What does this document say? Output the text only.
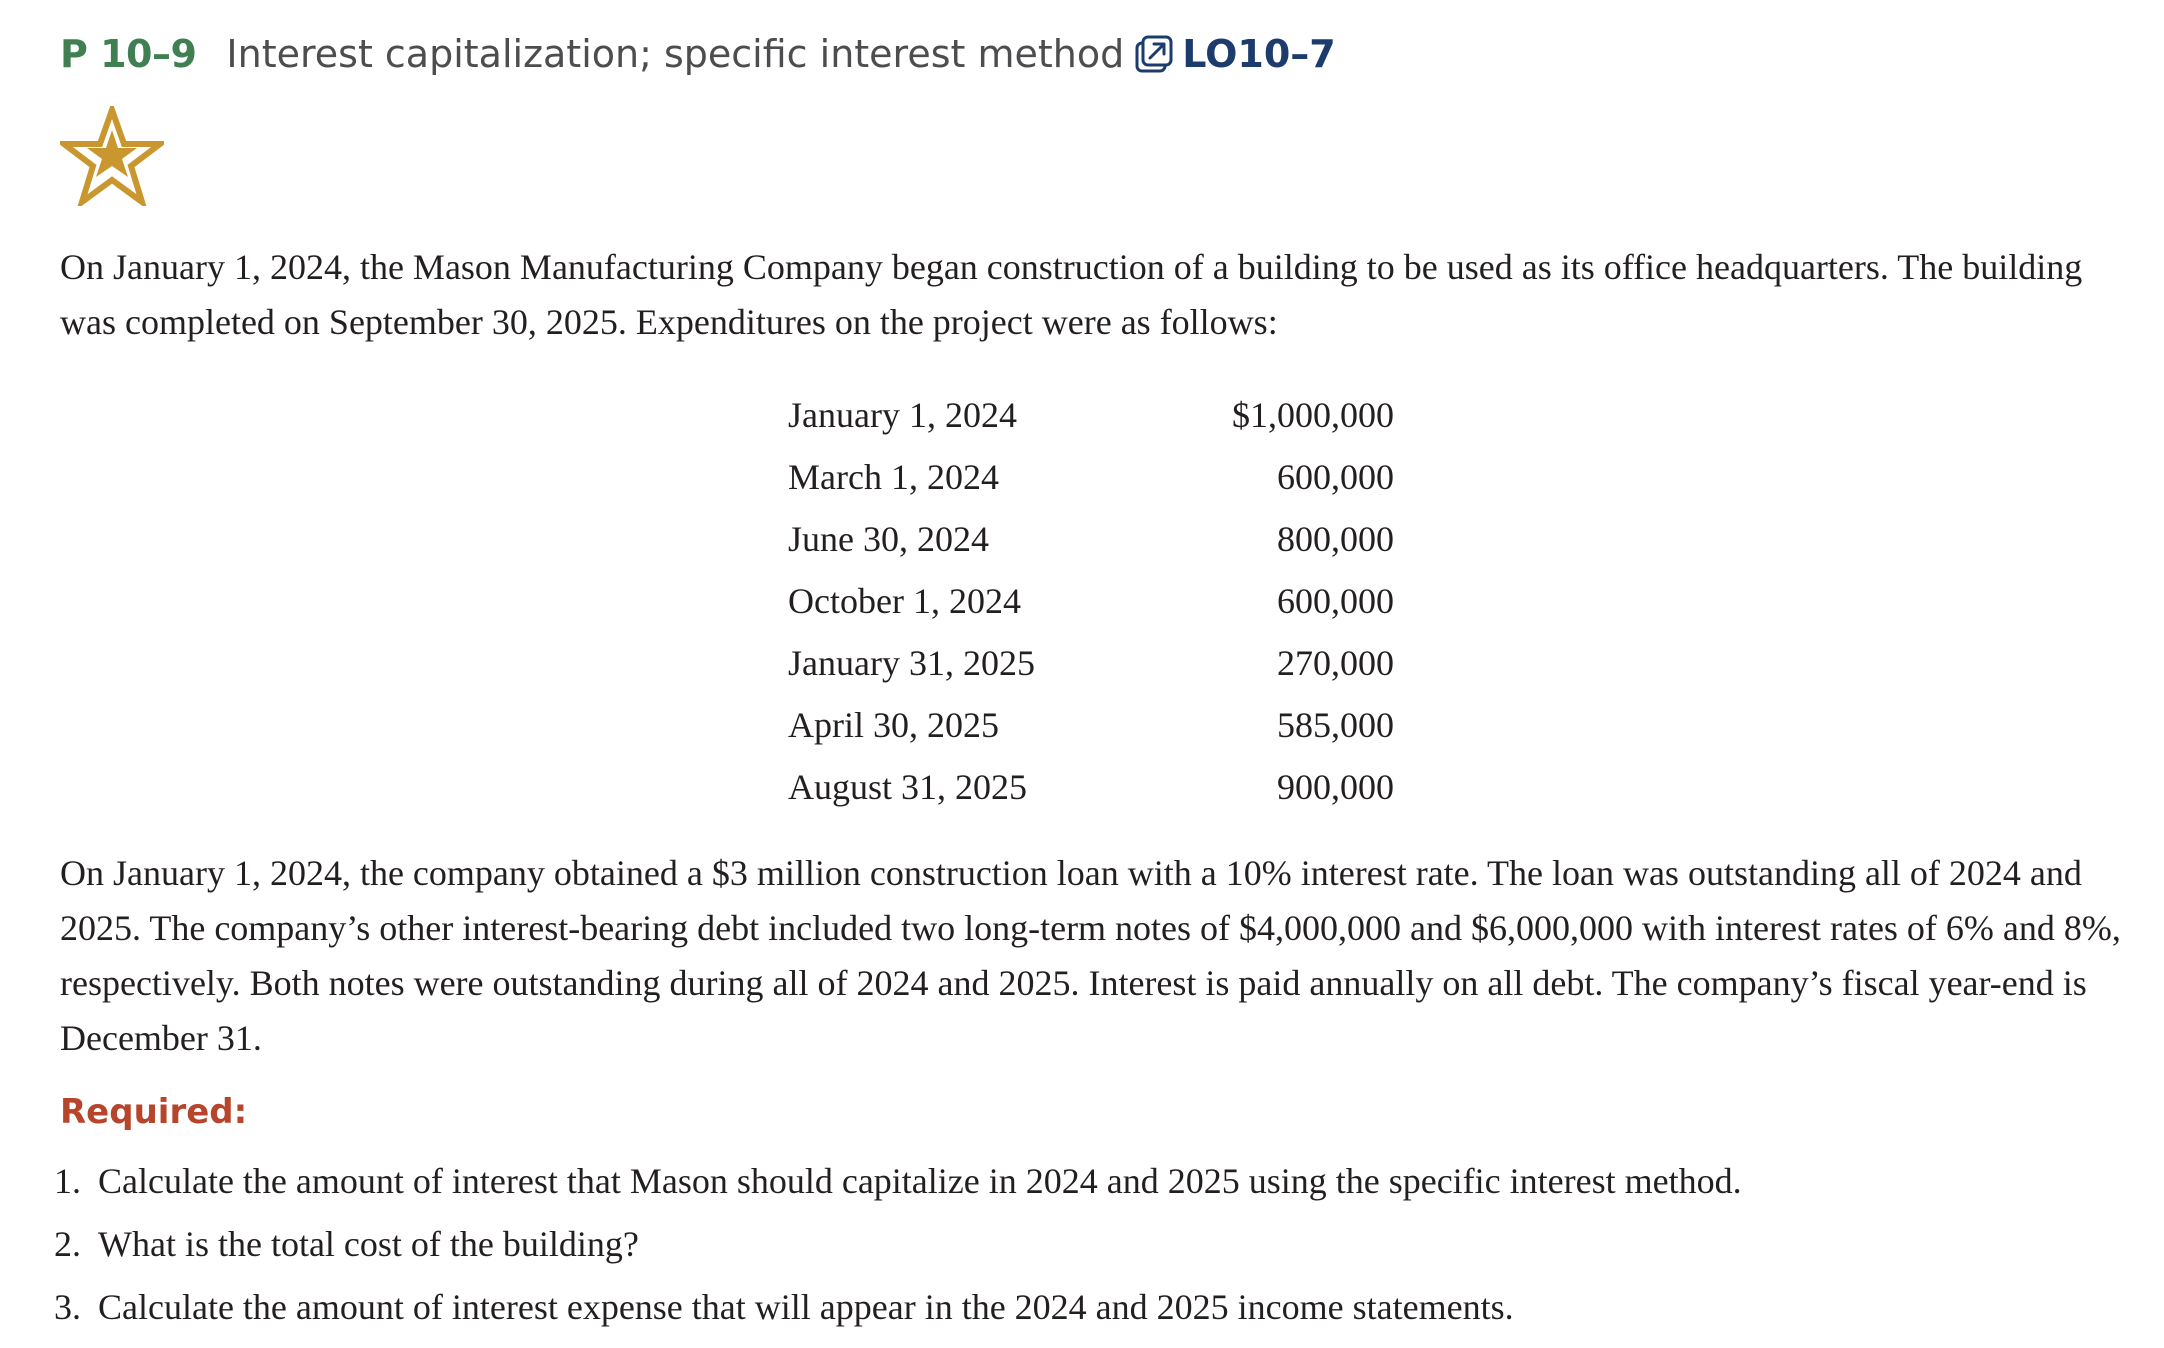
P 10–9 Interest capitalization; specific interest method LO10–7

On January 1, 2024, the Mason Manufacturing Company began construction of a building to be used as its office headquarters. The building was completed on September 30, 2025. Expenditures on the project were as follows:

January 1, 2024	$1,000,000
March 1, 2024	600,000
June 30, 2024	800,000
October 1, 2024	600,000
January 31, 2025	270,000
April 30, 2025	585,000
August 31, 2025	900,000

On January 1, 2024, the company obtained a $3 million construction loan with a 10% interest rate. The loan was outstanding all of 2024 and 2025. The company’s other interest-bearing debt included two long-term notes of $4,000,000 and $6,000,000 with interest rates of 6% and 8%, respectively. Both notes were outstanding during all of 2024 and 2025. Interest is paid annually on all debt. The company’s fiscal year-end is December 31.

Required:
1. Calculate the amount of interest that Mason should capitalize in 2024 and 2025 using the specific interest method.
2. What is the total cost of the building?
3. Calculate the amount of interest expense that will appear in the 2024 and 2025 income statements.
